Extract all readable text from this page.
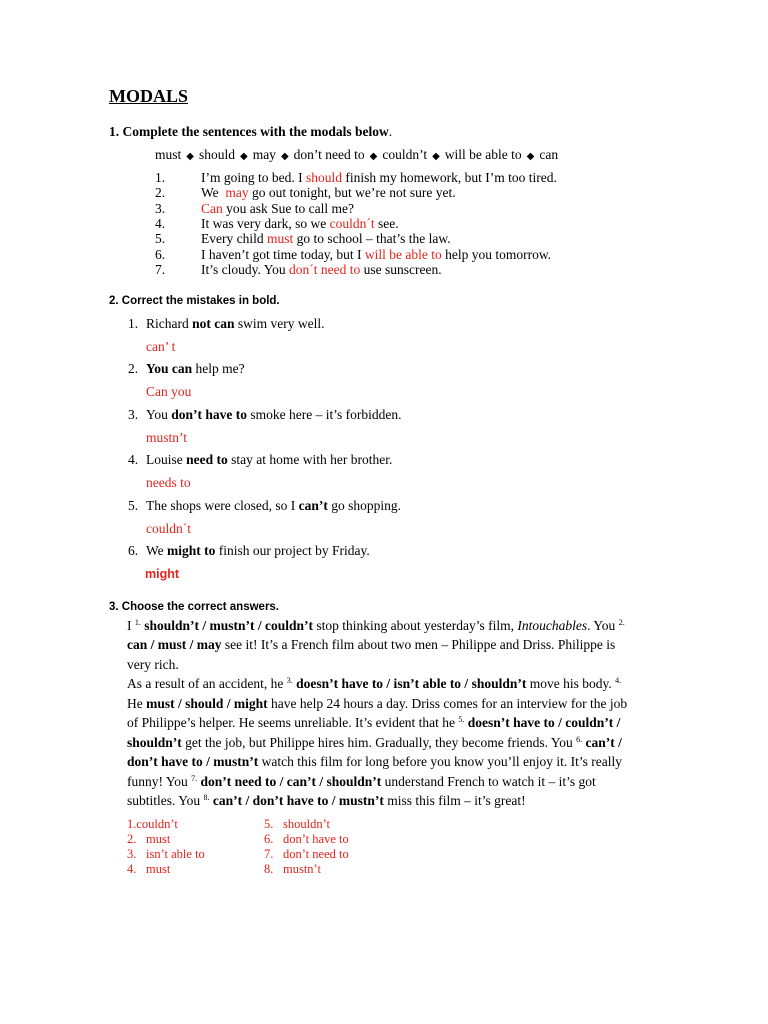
MODALS
1. Complete the sentences with the modals below.
2. Correct the mistakes in bold.
3. Choose the correct answers.
must ◆ should ◆ may ◆ don’t need to ◆ couldn’t ◆ will be able to ◆ can
1.	I’m going to bed. I should finish my homework, but I’m too tired.
2.	We  may go out tonight, but we’re not sure yet.
3.	Can you ask Sue to call me?
4.	It was very dark, so we couldn´t see.
5.	Every child must go to school – that’s the law.
6.	I haven’t got time today, but I will be able to help you tomorrow.
7.	It’s cloudy. You don´t need to use sunscreen.
1. Richard not can swim very well.
can’ t
2. You can help me?
Can you
3. You don’t have to smoke here – it’s forbidden.
mustn’t
4. Louise need to stay at home with her brother.
needs to
5. The shops were closed, so I can’t go shopping.
couldn´t
6. We might to finish our project by Friday.
might
I $^{1.}$ shouldn’t / mustn’t / couldn’t stop thinking about yesterday’s film, Intouchables. You $^{2.}$
can / must / may see it! It’s a French film about two men – Philippe and Driss. Philippe is
very rich.
As a result of an accident, he $^{3.}$ doesn’t have to / isn’t able to / shouldn’t move his body. $^{4.}$
He must / should / might have help 24 hours a day. Driss comes for an interview for the job
of Philippe’s helper. He seems unreliable. It’s evident that he $^{5.}$ doesn’t have to / couldn’t /
shouldn’t get the job, but Philippe hires him. Gradually, they become friends. You $^{6.}$ can’t /
don’t have to / mustn’t watch this film for long before you know you’ll enjoy it. It’s really
funny! You $^{7.}$ don’t need to / can’t / shouldn’t understand French to watch it – it’s got
subtitles. You $^{8.}$ can’t / don’t have to / mustn’t miss this film – it’s great!
1.couldn’t
2. must
3. isn’t able to
4. must
5. shouldn’t
6. don’t have to
7. don’t need to
8. mustn’t
